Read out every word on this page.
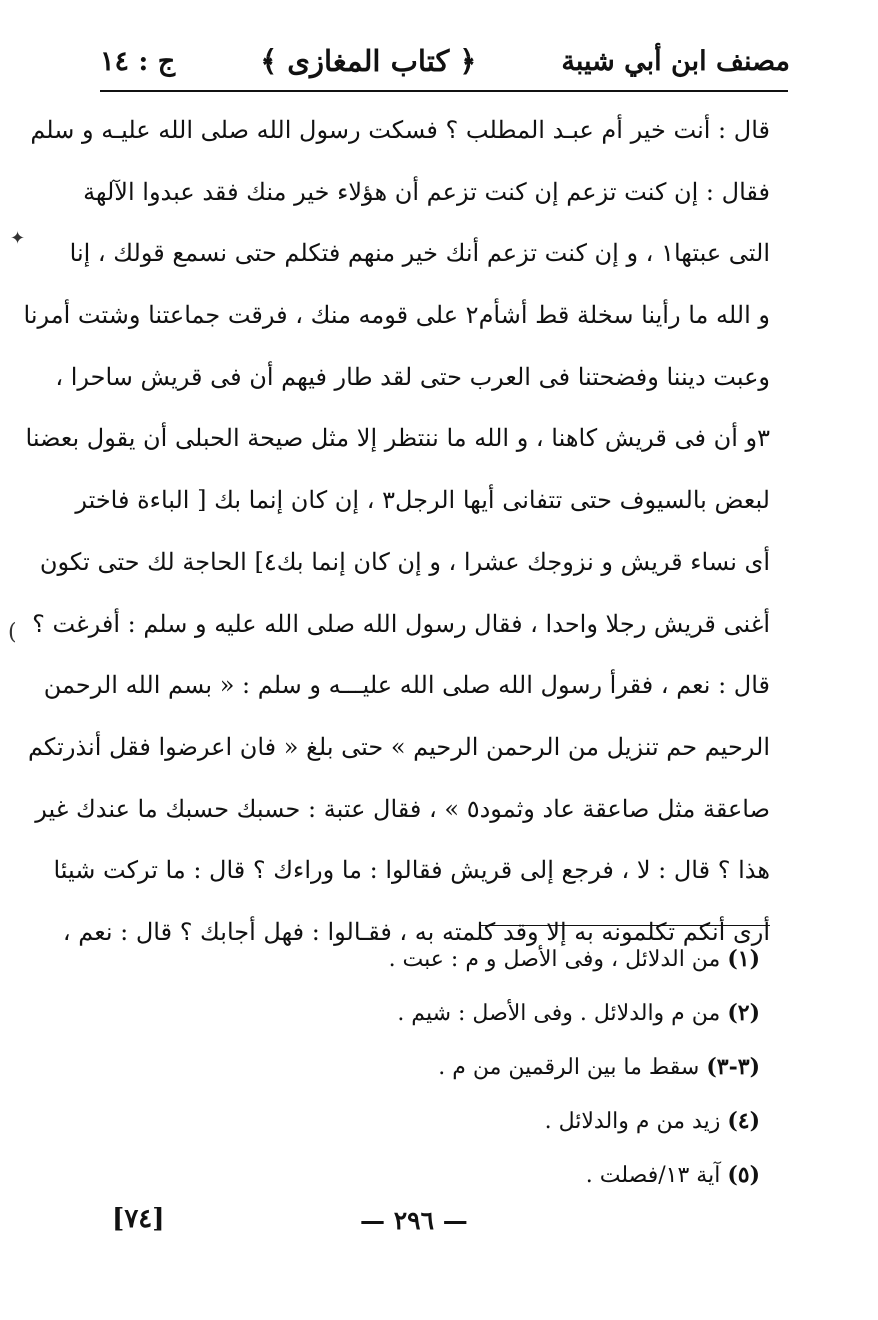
مصنف ابن أبي شيبة
﴿ كتاب المغازى ﴾
ج : ١٤
قال : أنت خير أم عبـد المطلب ؟ فسكت رسول الله صلى الله عليـه و سلم
فقال : إن كنت تزعم إن كنت تزعم أن هؤلاء خير منك فقد عبدوا الآلهة
التى عبتها١ ، و إن كنت تزعم أنك خير منهم فتكلم حتى نسمع قولك ، إنا
و الله ما رأينا سخلة قط أشأم٢ على قومه منك ، فرقت جماعتنا وشتت أمرنا
وعبت ديننا وفضحتنا فى العرب حتى لقد طار فيهم أن فى قريش ساحرا ،
٣و أن فى قريش كاهنا ، و الله ما ننتظر إلا مثل صيحة الحبلى أن يقول بعضنا
لبعض بالسيوف حتى تتفانى أيها الرجل٣ ، إن كان إنما بك [ الباءة فاختر
أى نساء قريش و نزوجك عشرا ، و إن كان إنما بك٤] الحاجة لك حتى تكون
أغنى قريش رجلا واحدا ، فقال رسول الله صلى الله عليه و سلم : أفرغت ؟
قال : نعم ، فقرأ رسول الله صلى الله عليـــه و سلم : « بسم الله الرحمن
الرحيم حم تنزيل من الرحمن الرحيم » حتى بلغ « فان اعرضوا فقل أنذرتكم
صاعقة مثل صاعقة عاد وثمود٥ » ، فقال عتبة : حسبك حسبك ما عندك غير
هذا ؟ قال : لا ، فرجع إلى قريش فقالوا : ما وراءك ؟ قال : ما تركت شيئا
أرى أنكم تكلمونه به إلا وقد كلمته به ، فقـالوا : فهل أجابك ؟ قال : نعم ،
(١) من الدلائل ، وفى الأصل و م : عبت .
(٢) من م والدلائل . وفى الأصل : شيم .
(٣-٣) سقط ما بين الرقمين من م .
(٤) زيد من م والدلائل .
(٥) آية ١٣/فصلت .
[٧٤]	— ٢٩٦ —
✦
(
